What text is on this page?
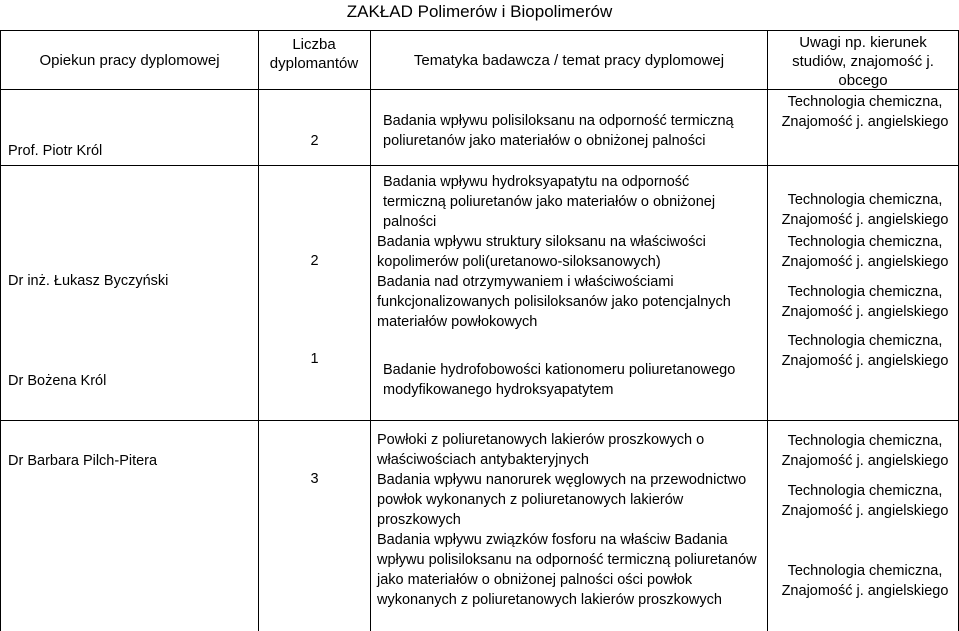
ZAKŁAD Polimerów i Biopolimerów
Opiekun pracy dyplomowej
Liczba dyplomantów	Tematyka badawcza / temat pracy dyplomowej
Uwagi np. kierunek studiów, znajomość j. obcego
Prof. Piotr Król
2
Badania wpływu polisiloksanu na odporność termiczną poliuretanów jako materiałów o obniżonej palności
Technologia chemiczna, Znajomość j. angielskiego
Dr inż. Łukasz Byczyński
2
Badania wpływu hydroksyapatytu na odporność termiczną poliuretanów jako materiałów o obniżonej palności
Badania wpływu struktury siloksanu na właściwości kopolimerów poli(uretanowo-siloksanowych)
Badania nad otrzymywaniem i właściwościami funkcjonalizowanych polisiloksanów jako potencjalnych materiałów powłokowych
Technologia chemiczna, Znajomość j. angielskiego
Technologia chemiczna, Znajomość j. angielskiego
Technologia chemiczna, Znajomość j. angielskiego
Dr Bożena Król
1
Badanie hydrofobowości kationomeru poliuretanowego modyfikowanego hydroksyapatytem
Technologia chemiczna, Znajomość j. angielskiego
Dr Barbara Pilch-Pitera
3
Powłoki z poliuretanowych lakierów proszkowych o właściwościach antybakteryjnych
Badania wpływu nanorurek węglowych na przewodnictwo powłok wykonanych z poliuretanowych lakierów proszkowych
Badania wpływu związków fosforu na właściw Badania wpływu polisiloksanu na odporność termiczną poliuretanów jako materiałów o obniżonej palności ości powłok wykonanych z poliuretanowych lakierów proszkowych
Technologia chemiczna, Znajomość j. angielskiego
Technologia chemiczna, Znajomość j. angielskiego
Technologia chemiczna, Znajomość j. angielskiego
